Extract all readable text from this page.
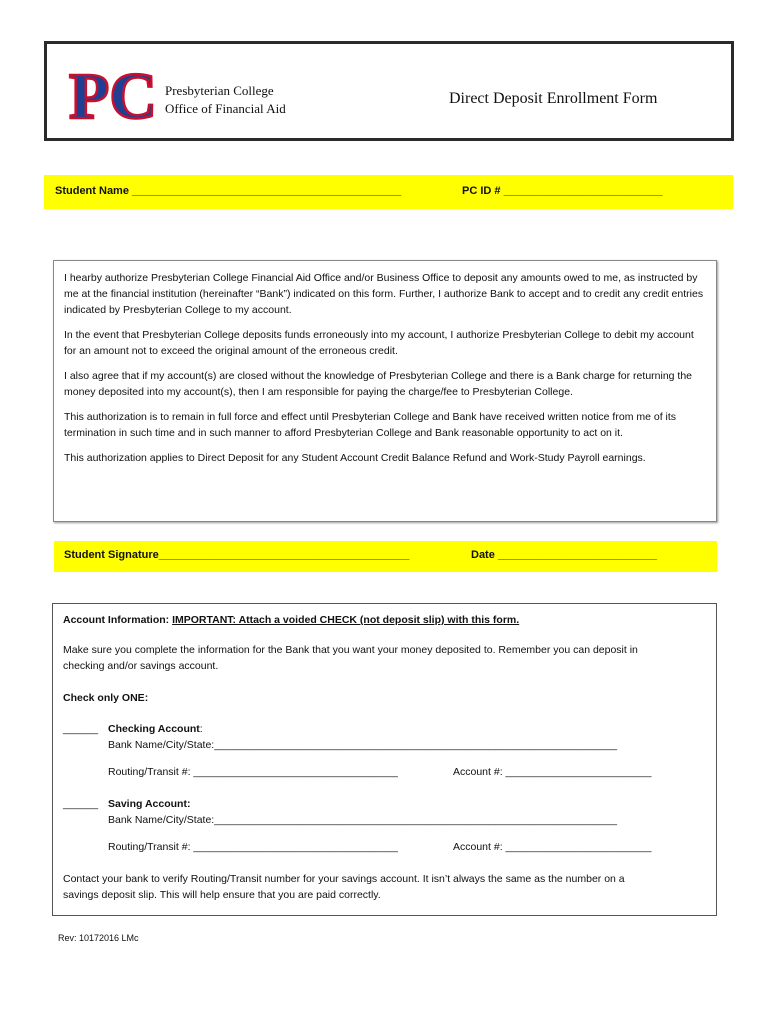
PC Presbyterian College
Office of Financial Aid
Direct Deposit Enrollment Form
Student Name ____________________________________________	PC ID # __________________________

I hearby authorize Presbyterian College Financial Aid Office and/or Business Office to deposit any amounts owed to me, as instructed by me at the financial institution (hereinafter “Bank”) indicated on this form. Further, I authorize Bank to accept and to credit any credit entries indicated by Presbyterian College to my account.

In the event that Presbyterian College deposits funds erroneously into my account, I authorize Presbyterian College to debit my account for an amount not to exceed the original amount of the erroneous credit.

I also agree that if my account(s) are closed without the knowledge of Presbyterian College and there is a Bank charge for returning the money deposited into my account(s), then I am responsible for paying the charge/fee to Presbyterian College.

This authorization is to remain in full force and effect until Presbyterian College and Bank have received written notice from me of its termination in such time and in such manner to afford Presbyterian College and Bank reasonable opportunity to act on it.

This authorization applies to Direct Deposit for any Student Account Credit Balance Refund and Work-Study Payroll earnings.

Student Signature_________________________________________	Date __________________________
Account Information: IMPORTANT: Attach a voided CHECK (not deposit slip) with this form.
Make sure you complete the information for the Bank that you want your money deposited to. Remember you can deposit in
checking and/or savings account.
Check only ONE:
______ Checking Account:
Bank Name/City/State:_____________________________________________________________________
Routing/Transit #: ___________________________________	Account #: _________________________
______ Saving Account:
Bank Name/City/State:_____________________________________________________________________
Routing/Transit #: ___________________________________	Account #: _________________________
Contact your bank to verify Routing/Transit number for your savings account. It isn’t always the same as the number on a
savings deposit slip. This will help ensure that you are paid correctly.
Rev: 10172016 LMc
